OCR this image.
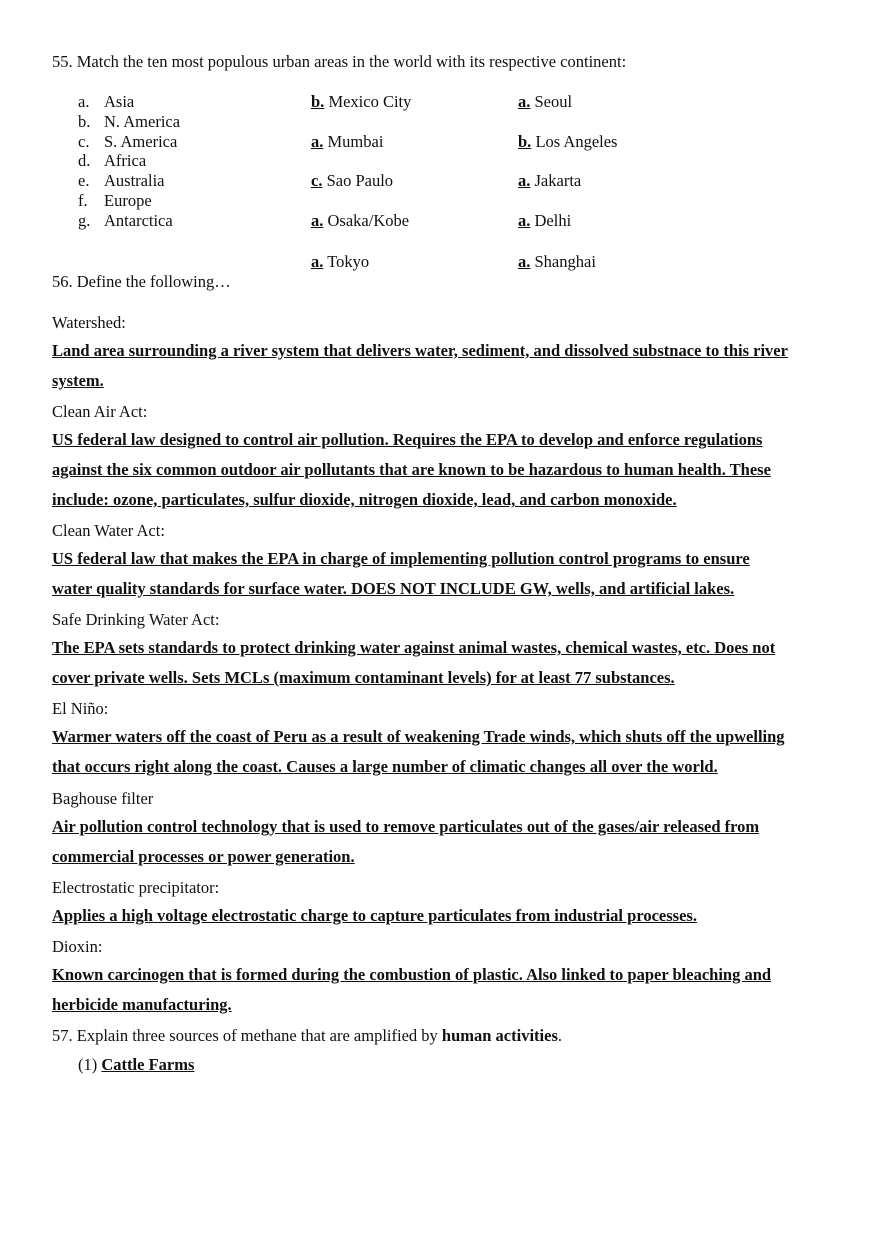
55. Match the ten most populous urban areas in the world with its respective continent:
a. Asia
b. N. America
c. S. America
d. Africa
e. Australia
f. Europe
g. Antarctica
b. Mexico City
a. Mumbai
c. Sao Paulo
a. Osaka/Kobe
a. Tokyo
a. Seoul
b. Los Angeles
a. Jakarta
a. Delhi
a. Shanghai
56. Define the following…
Watershed:
Land area surrounding a river system that delivers water, sediment, and dissolved substnace to this river
system.
Clean Air Act:
US federal law designed to control air pollution. Requires the EPA to develop and enforce regulations
against the six common outdoor air pollutants that are known to be hazardous to human health. These
include: ozone, particulates, sulfur dioxide, nitrogen dioxide, lead, and carbon monoxide.
Clean Water Act:
US federal law that makes the EPA in charge of implementing pollution control programs to ensure
water quality standards for surface water. DOES NOT INCLUDE GW, wells, and artificial lakes.
Safe Drinking Water Act:
The EPA sets standards to protect drinking water against animal wastes, chemical wastes, etc. Does not
cover private wells. Sets MCLs (maximum contaminant levels) for at least 77 substances.
El Niño:
Warmer waters off the coast of Peru as a result of weakening Trade winds, which shuts off the upwelling
that occurs right along the coast. Causes a large number of climatic changes all over the world.
Baghouse filter
Air pollution control technology that is used to remove particulates out of the gases/air released from
commercial processes or power generation.
Electrostatic precipitator:
Applies a high voltage electrostatic charge to capture particulates from industrial processes.
Dioxin:
Known carcinogen that is formed during the combustion of plastic. Also linked to paper bleaching and
herbicide manufacturing.
57. Explain three sources of methane that are amplified by human activities.
(1) Cattle Farms
